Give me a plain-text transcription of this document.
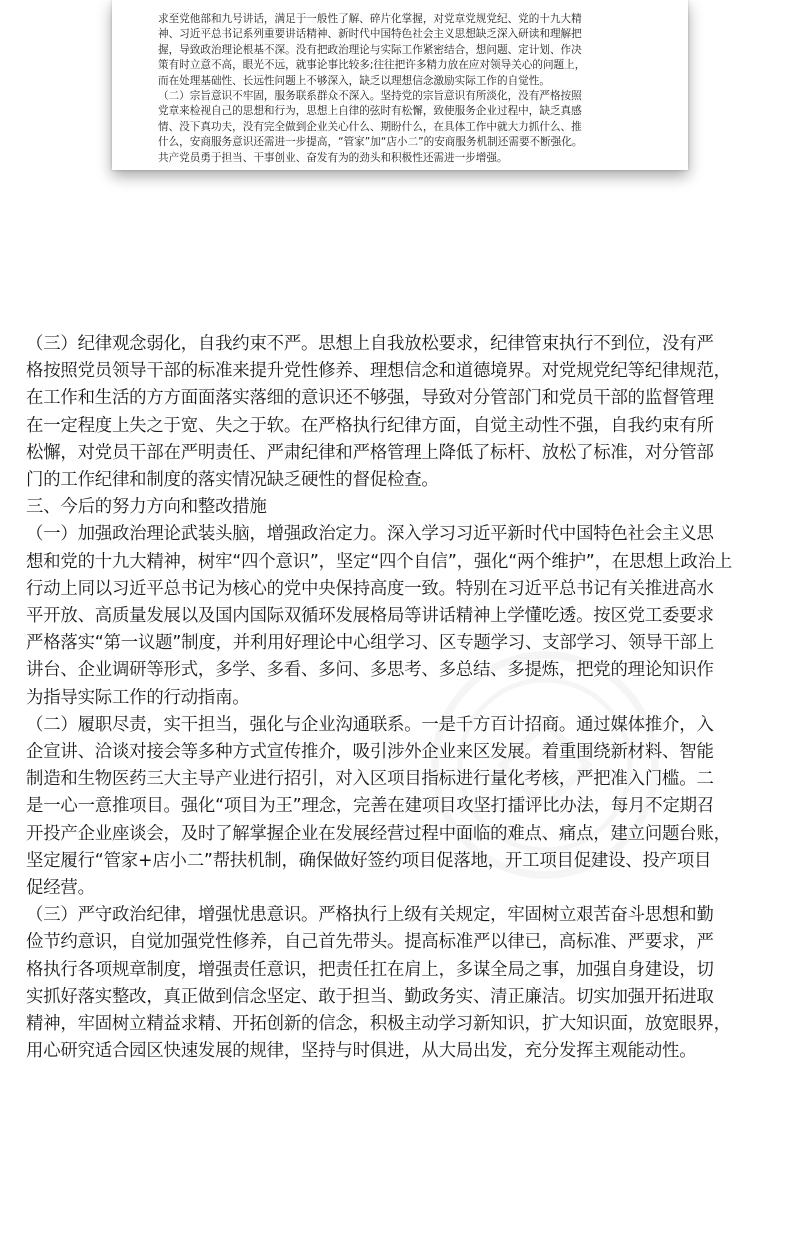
求至党他部和九号讲话，满足于一般性了解、碎片化掌握，对党章党规党纪、党的十九大精
神、习近平总书记系列重要讲话精神、新时代中国特色社会主义思想缺乏深入研读和理解把
握，导致政治理论根基不深。没有把政治理论与实际工作紧密结合，想问题、定计划、作决
策有时立意不高，眼光不远，就事论事比较多;往往把许多精力放在应对领导关心的问题上，
而在处理基础性、长远性问题上不够深入，缺乏以理想信念激励实际工作的自觉性。
（二）宗旨意识不牢固，服务联系群众不深入。坚持党的宗旨意识有所淡化，没有严格按照
党章来检视自己的思想和行为，思想上自律的弦时有松懈，致使服务企业过程中，缺乏真感
情、没下真功夫，没有完全做到企业关心什么、期盼什么，在具体工作中就大力抓什么、推
什么，安商服务意识还需进一步提高，“管家”加“店小二”的安商服务机制还需要不断强化。
共产党员勇于担当、干事创业、奋发有为的劲头和积极性还需进一步增强。
（三）纪律观念弱化，自我约束不严。思想上自我放松要求，纪律管束执行不到位，没有严
格按照党员领导干部的标准来提升党性修养、理想信念和道德境界。对党规党纪等纪律规范，
在工作和生活的方方面面落实落细的意识还不够强，导致对分管部门和党员干部的监督管理
在一定程度上失之于宽、失之于软。在严格执行纪律方面，自觉主动性不强，自我约束有所
松懈，对党员干部在严明责任、严肃纪律和严格管理上降低了标杆、放松了标准，对分管部
门的工作纪律和制度的落实情况缺乏硬性的督促检查。
三、今后的努力方向和整改措施
（一）加强政治理论武装头脑，增强政治定力。深入学习习近平新时代中国特色社会主义思
想和党的十九大精神，树牢“四个意识”，坚定“四个自信”，强化“两个维护”，在思想上政治上
行动上同以习近平总书记为核心的党中央保持高度一致。特别在习近平总书记有关推进高水
平开放、高质量发展以及国内国际双循环发展格局等讲话精神上学懂吃透。按区党工委要求
严格落实“第一议题”制度，并利用好理论中心组学习、区专题学习、支部学习、领导干部上
讲台、企业调研等形式，多学、多看、多问、多思考、多总结、多提炼，把党的理论知识作
为指导实际工作的行动指南。
（二）履职尽责，实干担当，强化与企业沟通联系。一是千方百计招商。通过媒体推介，入
企宣讲、洽谈对接会等多种方式宣传推介，吸引涉外企业来区发展。着重围绕新材料、智能
制造和生物医药三大主导产业进行招引，对入区项目指标进行量化考核，严把准入门槛。二
是一心一意推项目。强化“项目为王”理念，完善在建项目攻坚打擂评比办法，每月不定期召
开投产企业座谈会，及时了解掌握企业在发展经营过程中面临的难点、痛点，建立问题台账，
坚定履行“管家+店小二”帮扶机制，确保做好签约项目促落地，开工项目促建设、投产项目
促经营。
（三）严守政治纪律，增强忧患意识。严格执行上级有关规定，牢固树立艰苦奋斗思想和勤
俭节约意识，自觉加强党性修养，自己首先带头。提高标准严以律已，高标准、严要求，严
格执行各项规章制度，增强责任意识，把责任扛在肩上，多谋全局之事，加强自身建设，切
实抓好落实整改，真正做到信念坚定、敢于担当、勤政务实、清正廉洁。切实加强开拓进取
精神，牢固树立精益求精、开拓创新的信念，积极主动学习新知识，扩大知识面，放宽眼界，
用心研究适合园区快速发展的规律，坚持与时俱进，从大局出发，充分发挥主观能动性。
